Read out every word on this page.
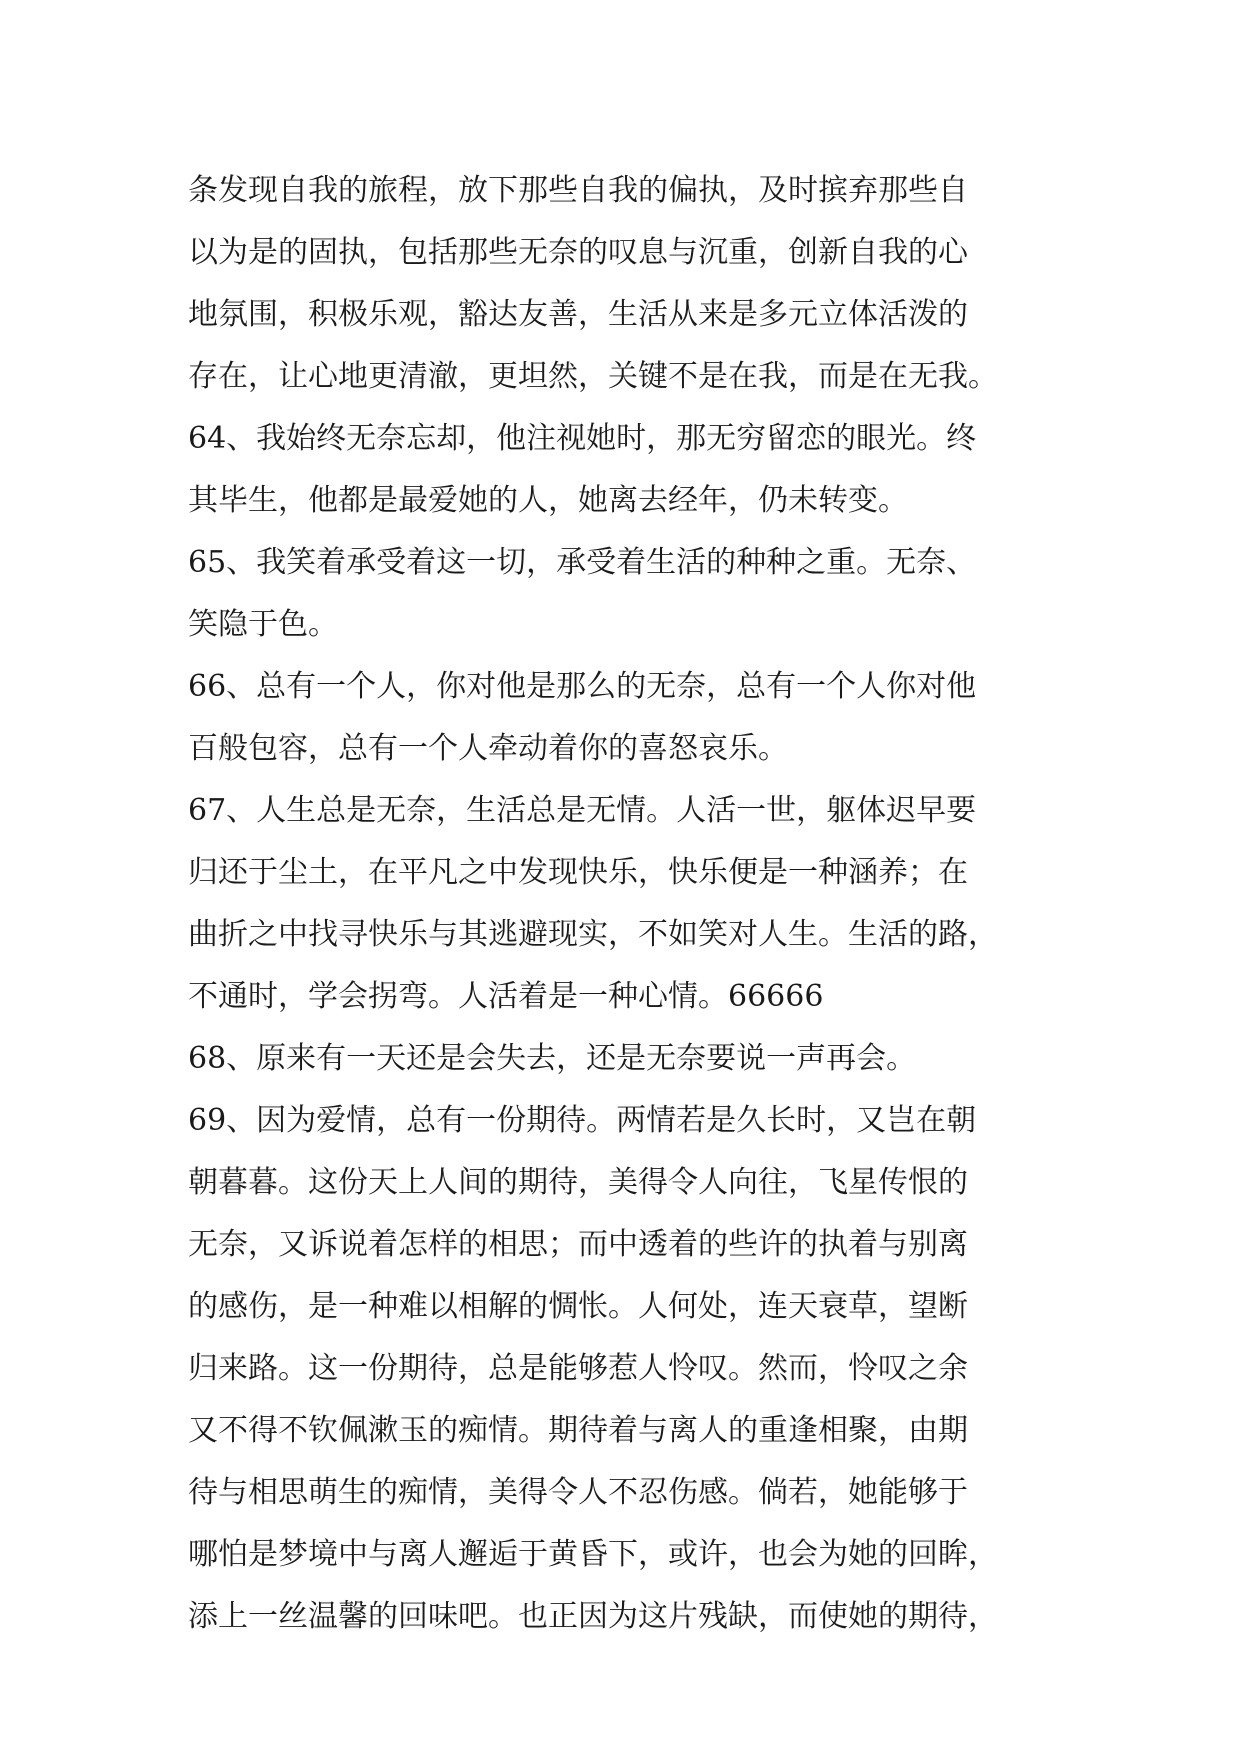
条发现自我的旅程，放下那些自我的偏执，及时摈弃那些自
以为是的固执，包括那些无奈的叹息与沉重，创新自我的心
地氛围，积极乐观，豁达友善，生活从来是多元立体活泼的
存在，让心地更清澈，更坦然，关键不是在我，而是在无我。
64、我始终无奈忘却，他注视她时，那无穷留恋的眼光。终
其毕生，他都是最爱她的人，她离去经年，仍未转变。
65、我笑着承受着这一切，承受着生活的种种之重。无奈、
笑隐于色。
66、总有一个人，你对他是那么的无奈，总有一个人你对他
百般包容，总有一个人牵动着你的喜怒哀乐。
67、人生总是无奈，生活总是无情。人活一世，躯体迟早要
归还于尘土，在平凡之中发现快乐，快乐便是一种涵养；在
曲折之中找寻快乐与其逃避现实，不如笑对人生。生活的路，
不通时，学会拐弯。人活着是一种心情。66666
68、原来有一天还是会失去，还是无奈要说一声再会。
69、因为爱情，总有一份期待。两情若是久长时，又岂在朝
朝暮暮。这份天上人间的期待，美得令人向往，飞星传恨的
无奈，又诉说着怎样的相思；而中透着的些许的执着与别离
的感伤，是一种难以相解的惆怅。人何处，连天衰草，望断
归来路。这一份期待，总是能够惹人怜叹。然而，怜叹之余
又不得不钦佩漱玉的痴情。期待着与离人的重逢相聚，由期
待与相思萌生的痴情，美得令人不忍伤感。倘若，她能够于
哪怕是梦境中与离人邂逅于黄昏下，或许，也会为她的回眸，
添上一丝温馨的回味吧。也正因为这片残缺，而使她的期待，
